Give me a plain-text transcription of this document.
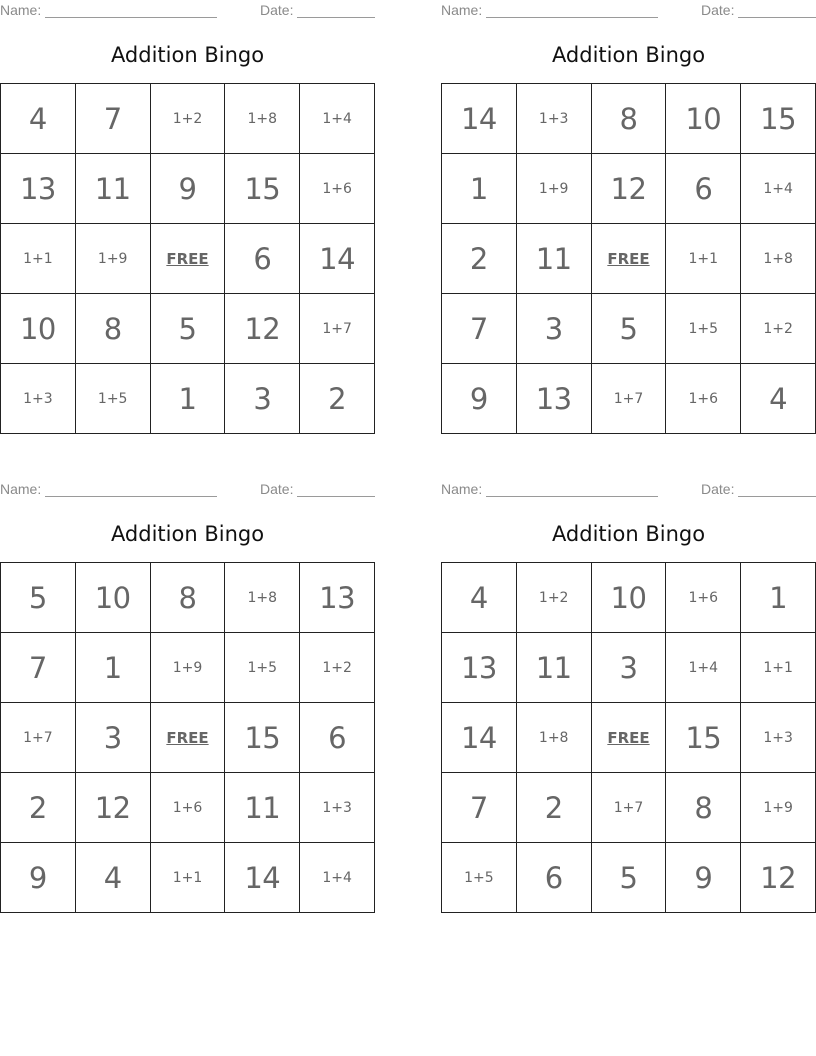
Name:	Date:
Addition Bingo
4	7	1+2	1+8	1+4
13	11	9	15	1+6
1+1	1+9	FREE	6	14
10	8	5	12	1+7
1+3	1+5	1	3	2
Name:	Date:
Addition Bingo
14	1+3	8	10	15
1	1+9	12	6	1+4
2	11	FREE	1+1	1+8
7	3	5	1+5	1+2
9	13	1+7	1+6	4
Name:	Date:
Addition Bingo
5	10	8	1+8	13
7	1	1+9	1+5	1+2
1+7	3	FREE	15	6
2	12	1+6	11	1+3
9	4	1+1	14	1+4
Name:	Date:
Addition Bingo
4	1+2	10	1+6	1
13	11	3	1+4	1+1
14	1+8	FREE	15	1+3
7	2	1+7	8	1+9
1+5	6	5	9	12
